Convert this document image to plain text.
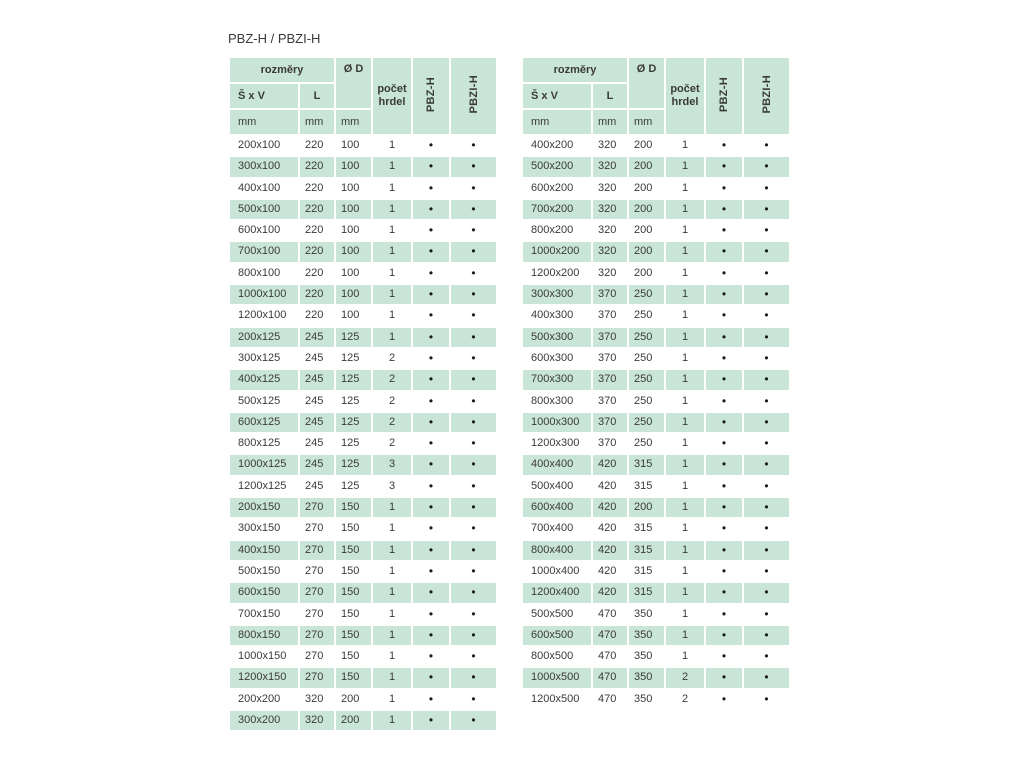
PBZ-H / PBZI-H
rozměry		Ø D	počet hrdel	PBZ-H	PBZI-H
Š x V	L				
mm	mm	mm			
200x100	220	100	1	•	•
300x100	220	100	1	•	•
400x100	220	100	1	•	•
500x100	220	100	1	•	•
600x100	220	100	1	•	•
700x100	220	100	1	•	•
800x100	220	100	1	•	•
1000x100	220	100	1	•	•
1200x100	220	100	1	•	•
200x125	245	125	1	•	•
300x125	245	125	2	•	•
400x125	245	125	2	•	•
500x125	245	125	2	•	•
600x125	245	125	2	•	•
800x125	245	125	2	•	•
1000x125	245	125	3	•	•
1200x125	245	125	3	•	•
200x150	270	150	1	•	•
300x150	270	150	1	•	•
400x150	270	150	1	•	•
500x150	270	150	1	•	•
600x150	270	150	1	•	•
700x150	270	150	1	•	•
800x150	270	150	1	•	•
1000x150	270	150	1	•	•
1200x150	270	150	1	•	•
200x200	320	200	1	•	•
300x200	320	200	1	•	•
rozměry		Ø D	počet hrdel	PBZ-H	PBZI-H
Š x V	L				
mm	mm	mm			
400x200	320	200	1	•	•
500x200	320	200	1	•	•
600x200	320	200	1	•	•
700x200	320	200	1	•	•
800x200	320	200	1	•	•
1000x200	320	200	1	•	•
1200x200	320	200	1	•	•
300x300	370	250	1	•	•
400x300	370	250	1	•	•
500x300	370	250	1	•	•
600x300	370	250	1	•	•
700x300	370	250	1	•	•
800x300	370	250	1	•	•
1000x300	370	250	1	•	•
1200x300	370	250	1	•	•
400x400	420	315	1	•	•
500x400	420	315	1	•	•
600x400	420	200	1	•	•
700x400	420	315	1	•	•
800x400	420	315	1	•	•
1000x400	420	315	1	•	•
1200x400	420	315	1	•	•
500x500	470	350	1	•	•
600x500	470	350	1	•	•
800x500	470	350	1	•	•
1000x500	470	350	2	•	•
1200x500	470	350	2	•	•
